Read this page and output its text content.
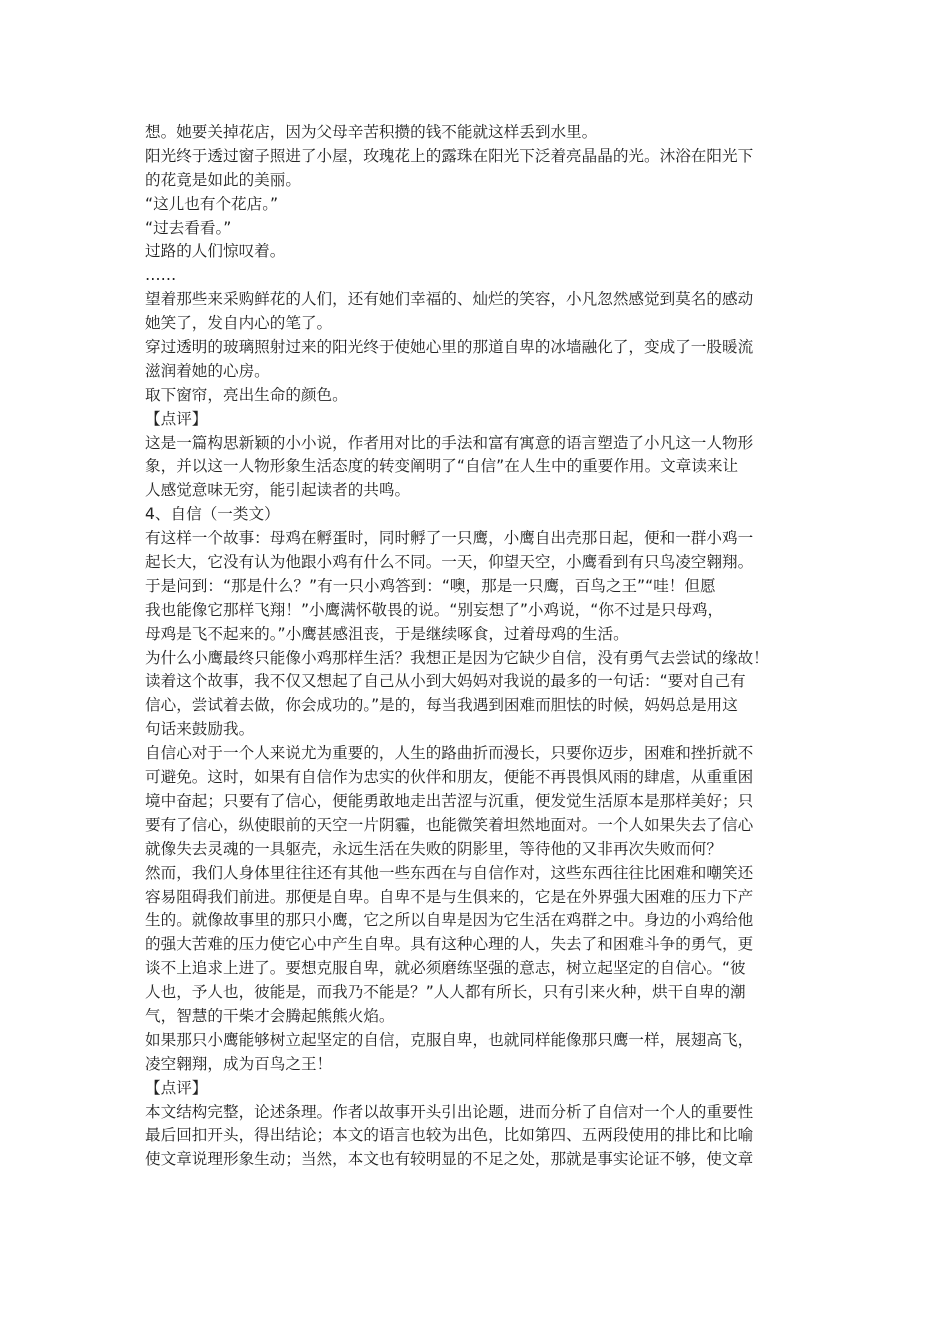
想。她要关掉花店，因为父母辛苦积攒的钱不能就这样丢到水里。
阳光终于透过窗子照进了小屋，玫瑰花上的露珠在阳光下泛着亮晶晶的光。沐浴在阳光下
的花竟是如此的美丽。
“这儿也有个花店。”
“过去看看。”
过路的人们惊叹着。
……
望着那些来采购鲜花的人们，还有她们幸福的、灿烂的笑容，小凡忽然感觉到莫名的感动
她笑了，发自内心的笔了。
穿过透明的玻璃照射过来的阳光终于使她心里的那道自卑的冰墙融化了，变成了一股暖流
滋润着她的心房。
取下窗帘，亮出生命的颜色。
【点评】
这是一篇构思新颖的小小说，作者用对比的手法和富有寓意的语言塑造了小凡这一人物形
象，并以这一人物形象生活态度的转变阐明了“自信”在人生中的重要作用。文章读来让
人感觉意味无穷，能引起读者的共鸣。
4、自信（一类文）
有这样一个故事：母鸡在孵蛋时，同时孵了一只鹰，小鹰自出壳那日起，便和一群小鸡一
起长大，它没有认为他跟小鸡有什么不同。一天，仰望天空，小鹰看到有只鸟凌空翱翔。
于是问到：“那是什么？”有一只小鸡答到：“噢，那是一只鹰，百鸟之王”“哇！但愿
我也能像它那样飞翔！”小鹰满怀敬畏的说。“别妄想了”小鸡说，“你不过是只母鸡，
母鸡是飞不起来的。”小鹰甚感沮丧，于是继续啄食，过着母鸡的生活。
为什么小鹰最终只能像小鸡那样生活？我想正是因为它缺少自信，没有勇气去尝试的缘故！
读着这个故事，我不仅又想起了自己从小到大妈妈对我说的最多的一句话：“要对自己有
信心，尝试着去做，你会成功的。”是的，每当我遇到困难而胆怯的时候，妈妈总是用这
句话来鼓励我。
自信心对于一个人来说尤为重要的，人生的路曲折而漫长，只要你迈步，困难和挫折就不
可避免。这时，如果有自信作为忠实的伙伴和朋友，便能不再畏惧风雨的肆虐，从重重困
境中奋起；只要有了信心，便能勇敢地走出苦涩与沉重，便发觉生活原本是那样美好；只
要有了信心，纵使眼前的天空一片阴霾，也能微笑着坦然地面对。一个人如果失去了信心
就像失去灵魂的一具躯壳，永远生活在失败的阴影里，等待他的又非再次失败而何？
然而，我们人身体里往往还有其他一些东西在与自信作对，这些东西往往比困难和嘲笑还
容易阻碍我们前进。那便是自卑。自卑不是与生俱来的，它是在外界强大困难的压力下产
生的。就像故事里的那只小鹰，它之所以自卑是因为它生活在鸡群之中。身边的小鸡给他
的强大苦难的压力使它心中产生自卑。具有这种心理的人，失去了和困难斗争的勇气，更
谈不上追求上进了。要想克服自卑，就必须磨练坚强的意志，树立起坚定的自信心。“彼
人也，予人也，彼能是，而我乃不能是？”人人都有所长，只有引来火种，烘干自卑的潮
气，智慧的干柴才会腾起熊熊火焰。
如果那只小鹰能够树立起坚定的自信，克服自卑，也就同样能像那只鹰一样，展翅高飞，
凌空翱翔，成为百鸟之王！
【点评】
本文结构完整，论述条理。作者以故事开头引出论题，进而分析了自信对一个人的重要性
最后回扣开头，得出结论；本文的语言也较为出色，比如第四、五两段使用的排比和比喻
使文章说理形象生动；当然，本文也有较明显的不足之处，那就是事实论证不够，使文章
